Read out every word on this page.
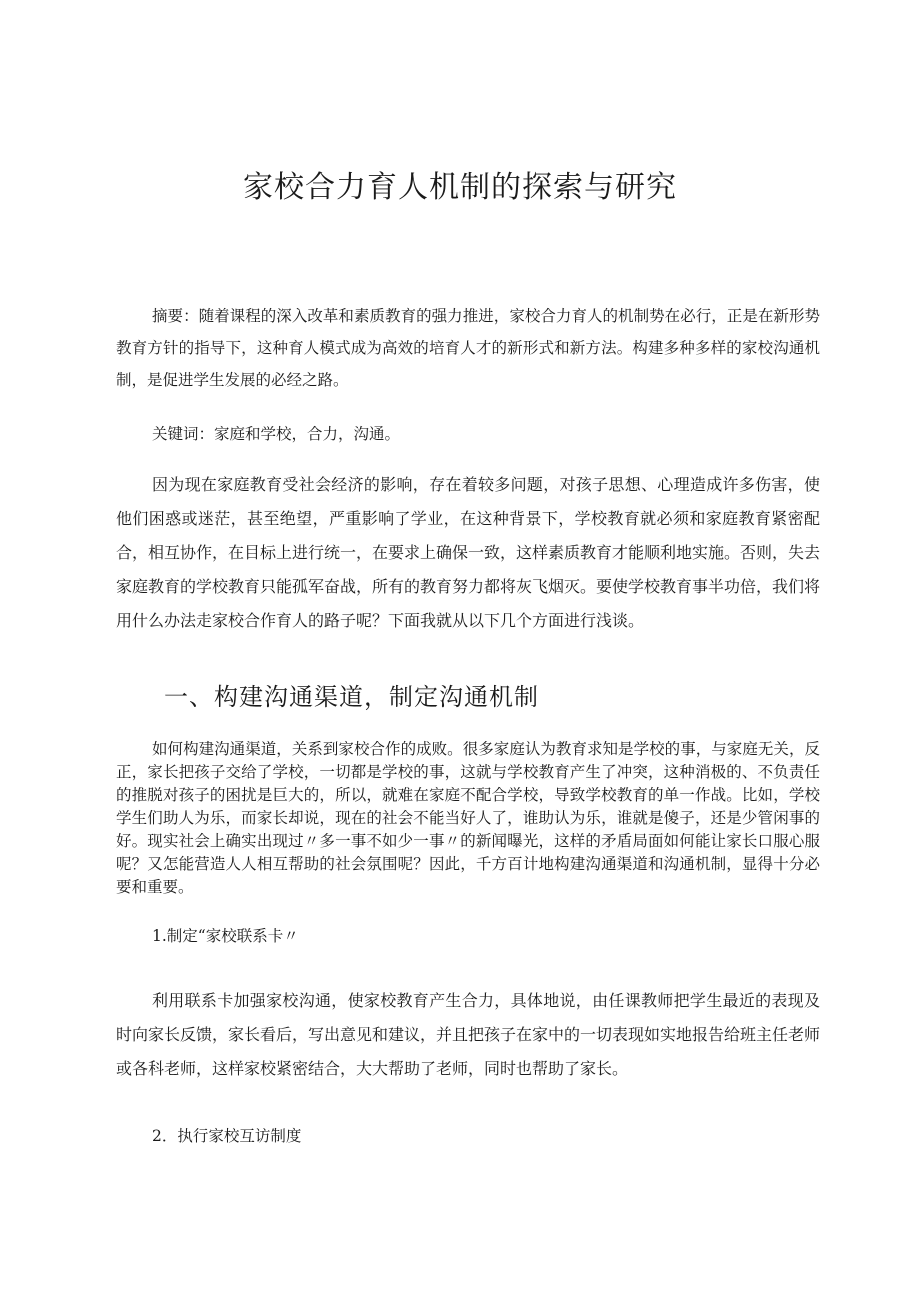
家校合力育人机制的探索与研究
摘要：随着课程的深入改革和素质教育的强力推进，家校合力育人的机制势在必行，正是在新形势教育方针的指导下，这种育人模式成为高效的培育人才的新形式和新方法。构建多种多样的家校沟通机制，是促进学生发展的必经之路。
关键词：家庭和学校，合力，沟通。
因为现在家庭教育受社会经济的影响，存在着较多问题，对孩子思想、心理造成许多伤害，使他们困惑或迷茫，甚至绝望，严重影响了学业，在这种背景下，学校教育就必须和家庭教育紧密配合，相互协作，在目标上进行统一，在要求上确保一致，这样素质教育才能顺利地实施。否则，失去家庭教育的学校教育只能孤军奋战，所有的教育努力都将灰飞烟灭。要使学校教育事半功倍，我们将用什么办法走家校合作育人的路子呢？下面我就从以下几个方面进行浅谈。
一、构建沟通渠道，制定沟通机制
如何构建沟通渠道，关系到家校合作的成败。很多家庭认为教育求知是学校的事，与家庭无关，反正，家长把孩子交给了学校，一切都是学校的事，这就与学校教育产生了冲突，这种消极的、不负责任的推脱对孩子的困扰是巨大的，所以，就难在家庭不配合学校，导致学校教育的单一作战。比如，学校学生们助人为乐，而家长却说，现在的社会不能当好人了，谁助认为乐，谁就是傻子，还是少管闲事的好。现实社会上确实出现过〃多一事不如少一事〃的新闻曝光，这样的矛盾局面如何能让家长口服心服呢？又怎能营造人人相互帮助的社会氛围呢？因此，千方百计地构建沟通渠道和沟通机制，显得十分必要和重要。
1.制定“家校联系卡〃
利用联系卡加强家校沟通，使家校教育产生合力，具体地说，由任课教师把学生最近的表现及时向家长反馈，家长看后，写出意见和建议，并且把孩子在家中的一切表现如实地报告给班主任老师或各科老师，这样家校紧密结合，大大帮助了老师，同时也帮助了家长。
2．执行家校互访制度
